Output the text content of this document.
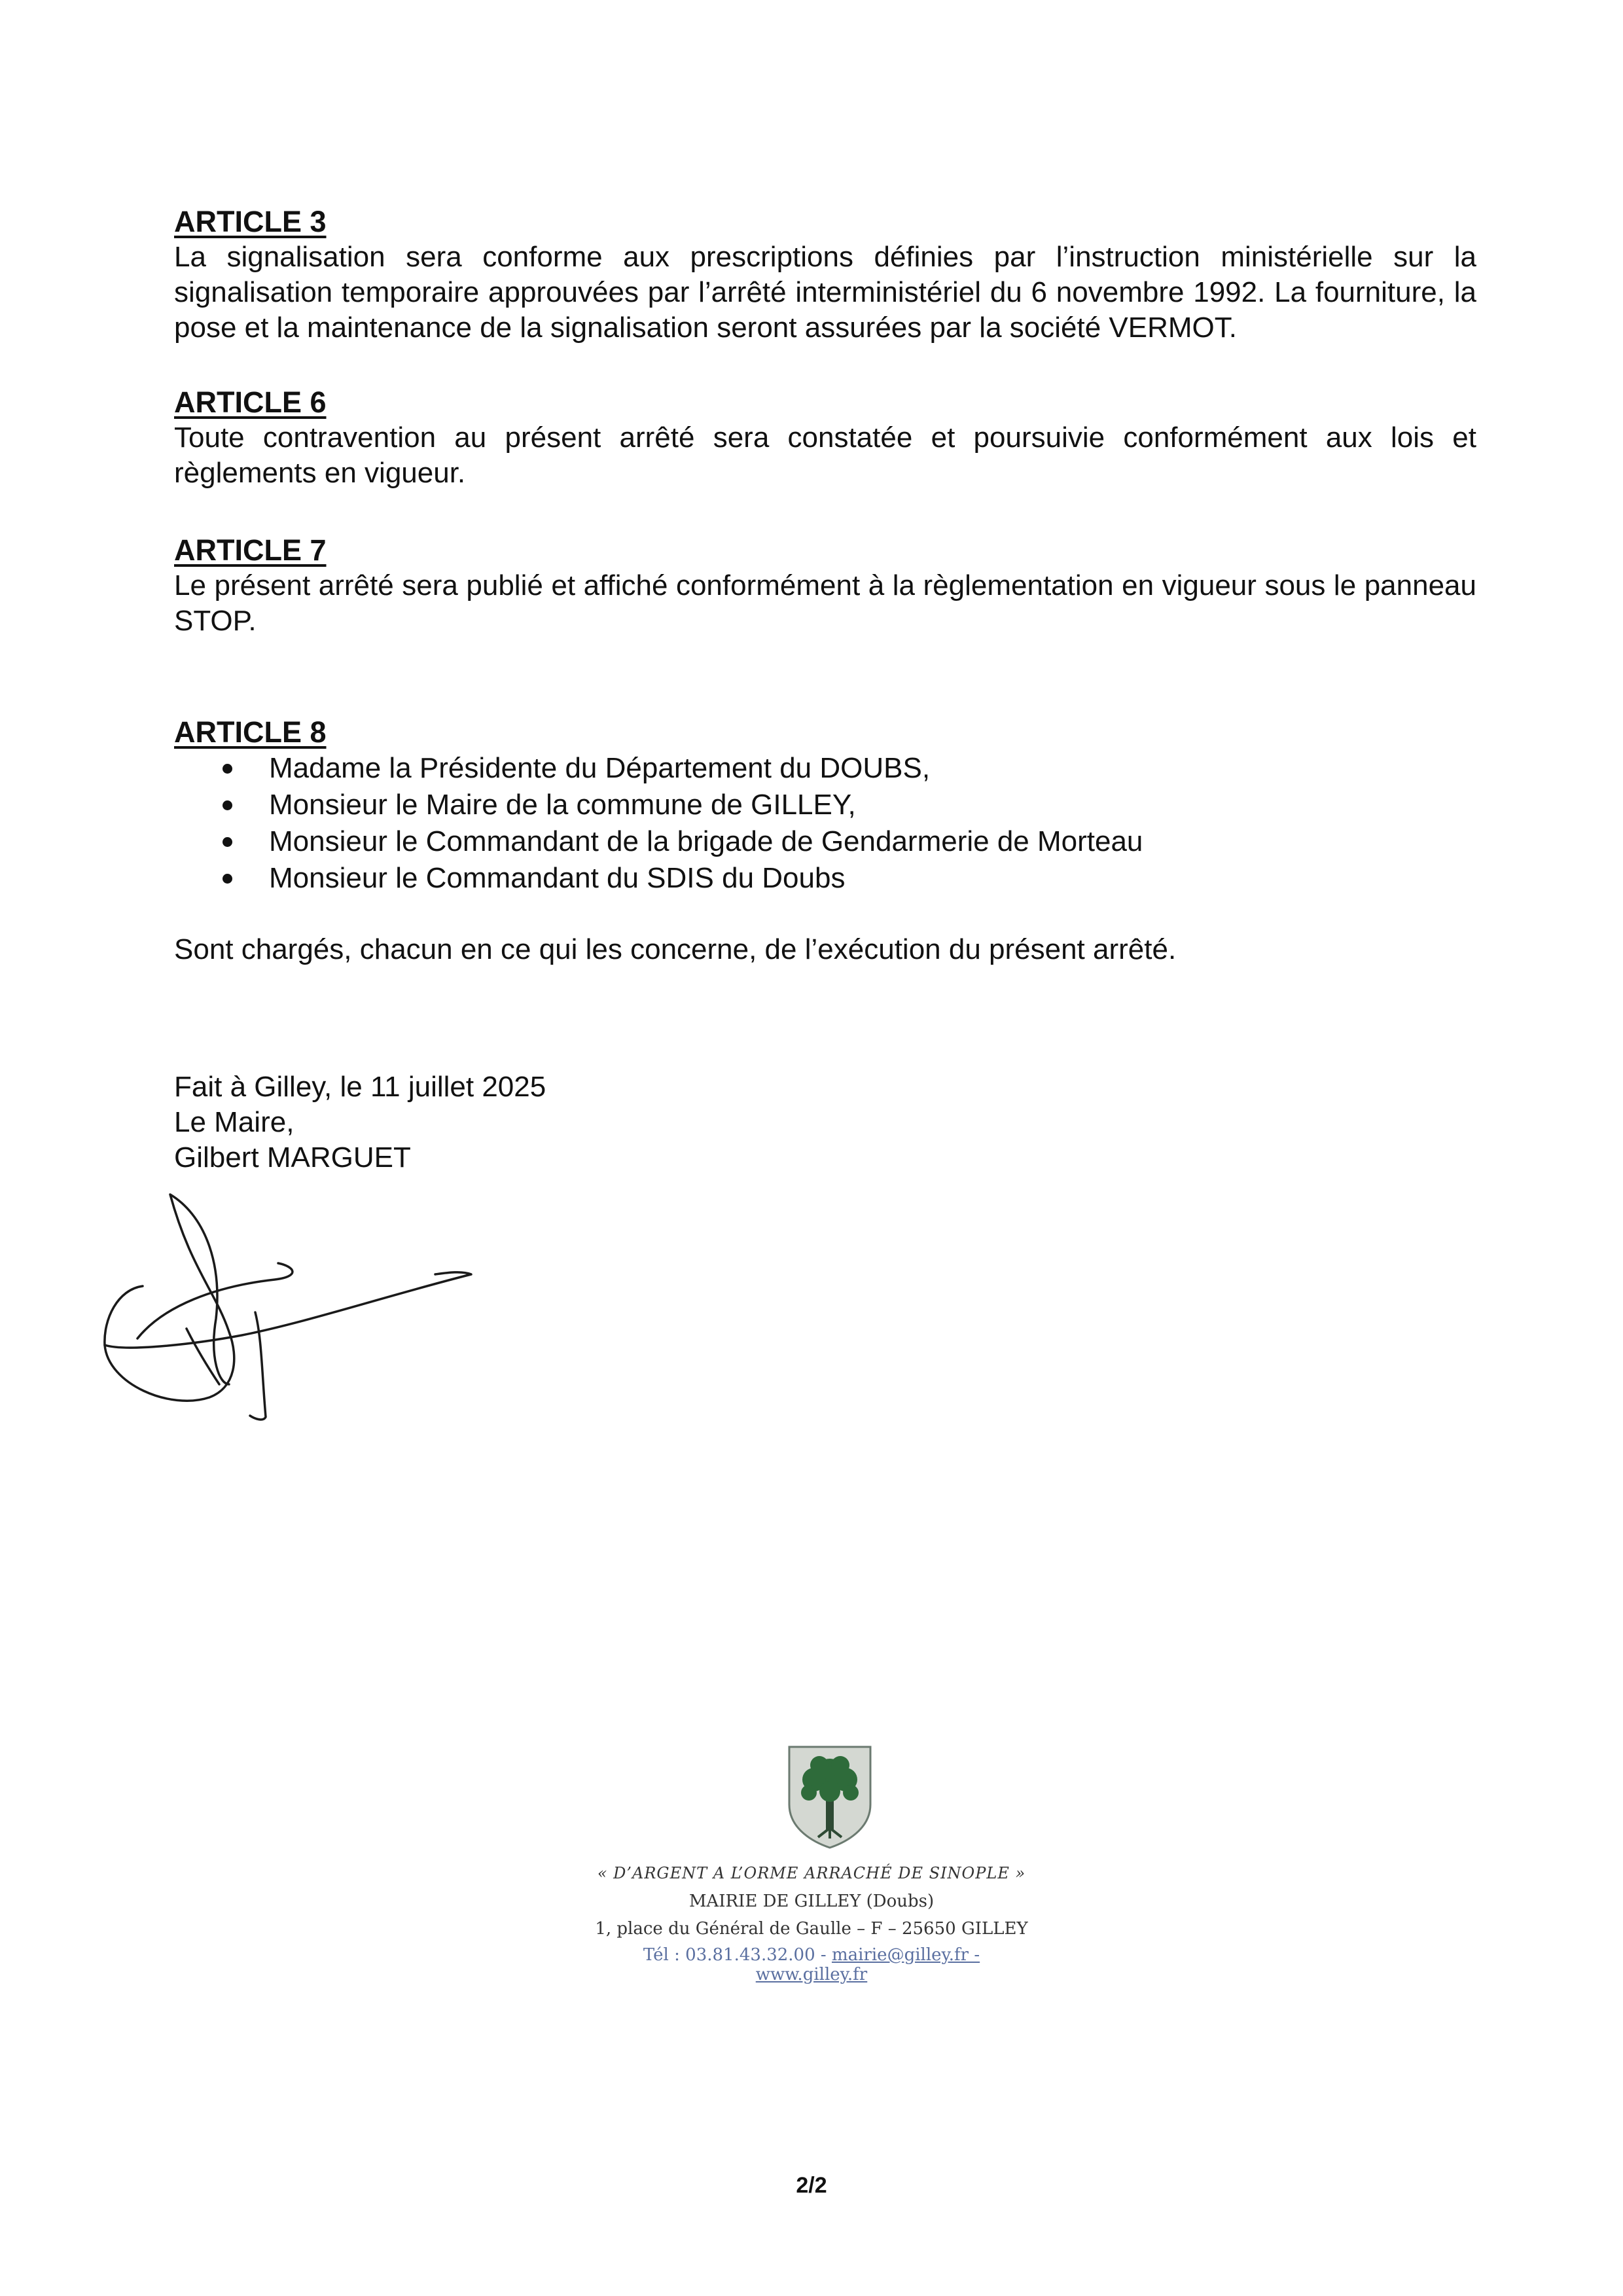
ARTICLE 3

La signalisation sera conforme aux prescriptions définies par l’instruction ministérielle sur la signalisation temporaire approuvées par l’arrêté interministériel du 6 novembre 1992. La fourniture, la pose et la maintenance de la signalisation seront assurées par la société VERMOT.

ARTICLE 6

Toute contravention au présent arrêté sera constatée et poursuivie conformément aux lois et règlements en vigueur.

ARTICLE 7

Le présent arrêté sera publié et affiché conformément à la règlementation en vigueur sous le panneau STOP.

ARTICLE 8
Madame la Présidente du Département du DOUBS,
Monsieur le Maire de la commune de GILLEY,
Monsieur le Commandant de la brigade de Gendarmerie de Morteau
Monsieur le Commandant du SDIS du Doubs

Sont chargés, chacun en ce qui les concerne, de l’exécution du présent arrêté.

Fait à Gilley, le 11 juillet 2025
Le Maire,
Gilbert MARGUET
« D’ARGENT A L’ORME ARRACHÉ DE SINOPLE »
MAIRIE DE GILLEY (Doubs)
1, place du Général de Gaulle – F – 25650 GILLEY
Tél : 03.81.43.32.00 - mairie@gilley.fr - www.gilley.fr
2/2
